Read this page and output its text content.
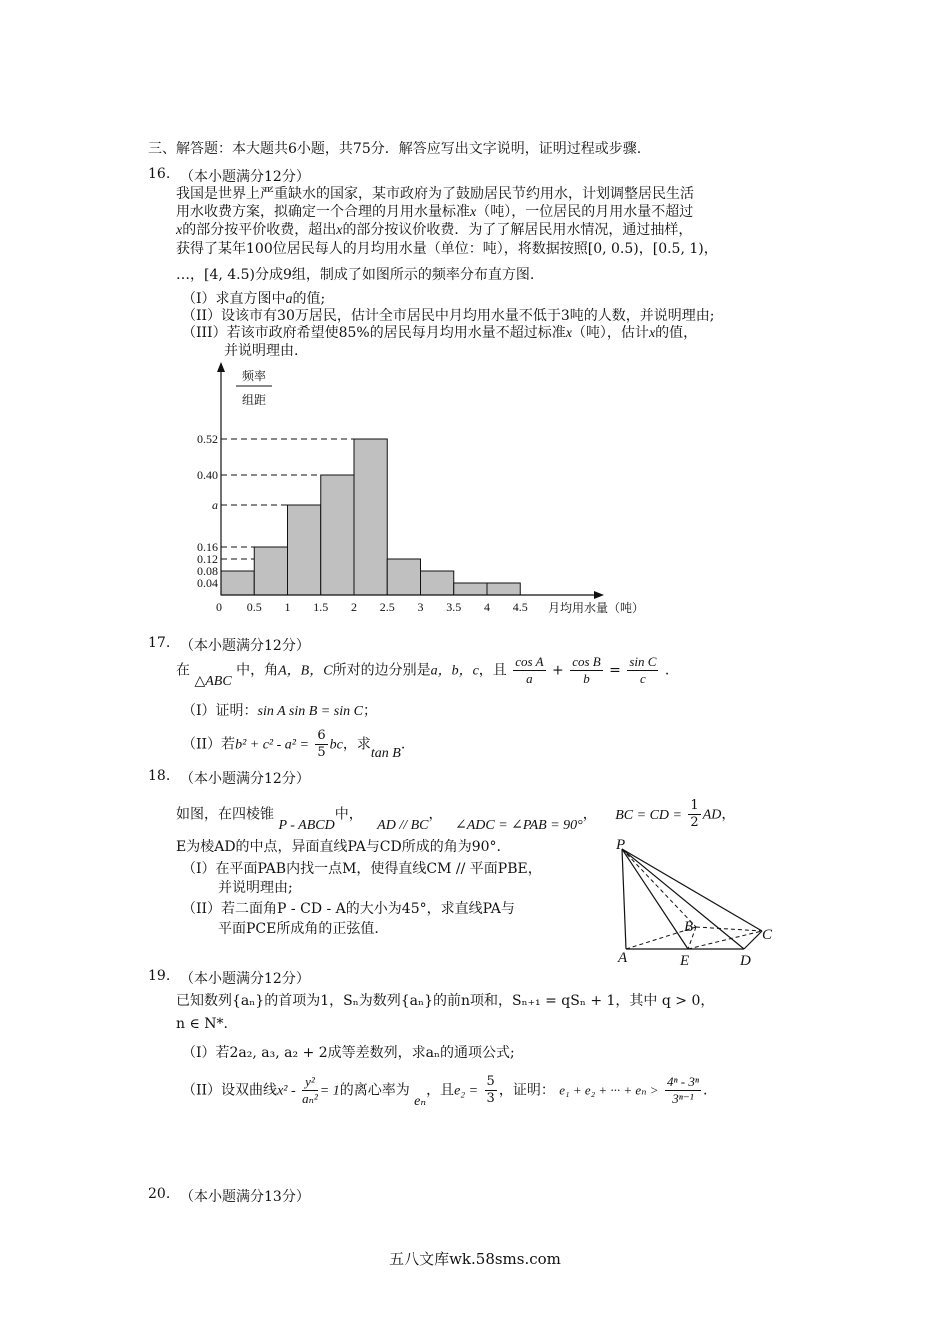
三、解答题：本大题共6小题，共75分．解答应写出文字说明，证明过程或步骤.
16. （本小题满分12分）
我国是世界上严重缺水的国家，某市政府为了鼓励居民节约用水，计划调整居民生活
用水收费方案，拟确定一个合理的月用水量标准x（吨），一位居民的月用水量不超过
x的部分按平价收费，超出x的部分按议价收费．为了了解居民用水情况，通过抽样，
获得了某年100位居民每人的月均用水量（单位：吨），将数据按照[0, 0.5)，[0.5, 1)，
…，[4, 4.5)分成9组，制成了如图所示的频率分布直方图.
（I）求直方图中a的值;
（II）设该市有30万居民，估计全市居民中月均用水量不低于3吨的人数，并说明理由;
（III）若该市政府希望使85%的居民每月均用水量不超过标准x（吨），估计x的值，
并说明理由.
0.52
0.40
a
0.16
0.12
0.08
0.04
频率
组距
0 0.5 1 1.5 2 2.5 3 3.5 4 4.5 月均用水量（吨）
17. （本小题满分12分）
在 △ABC 中，角A，B，C所对的边分别是a，b，c，且 $\frac{\text{cos A}}{a} + \frac{\text{cos B}}{b} = \frac{\text{sin C}}{c}$ .
（I）证明：sin A sin B = sin C；
（II）若$b^2 + c^2 - a^2 = \frac{6}{5}$ bc，求tan B.
18. （本小题满分12分）
如图，在四棱锥 P - ABCD中， AD // BC， ∠ADC = ∠PAB = 90°， BC = CD = $\frac{1}{2}$ AD，
E为棱AD的中点，异面直线PA与CD所成的角为90°.
（I）在平面PAB内找一点M，使得直线CM // 平面PBE，
并说明理由;
（II）若二面角P - CD - A的大小为45°，求直线PA与
平面PCE所成角的正弦值.
P
B	C
A	E	D
19. （本小题满分12分）
已知数列{aₙ}的首项为1，Sₙ为数列{aₙ}的前n项和，Sₙ₊₁ = qSₙ + 1，其中 q > 0，
n ∈ N*.
（I）若2a₂, a₃, a₂ + 2成等差数列，求aₙ的通项公式;
（II）设双曲线$x^2 - \frac{\text{y²}}{\text{aₙ²}} = 1$的离心率为 eₙ，且$e_2 = \frac{5}{3}$ ，证明： e₁ + e₂ + ··· + $e_n > \frac{\text{4ⁿ - 3ⁿ}}{\text{3ⁿ⁻¹}}$ .
20. （本小题满分13分）
五八文库wk.58sms.com
